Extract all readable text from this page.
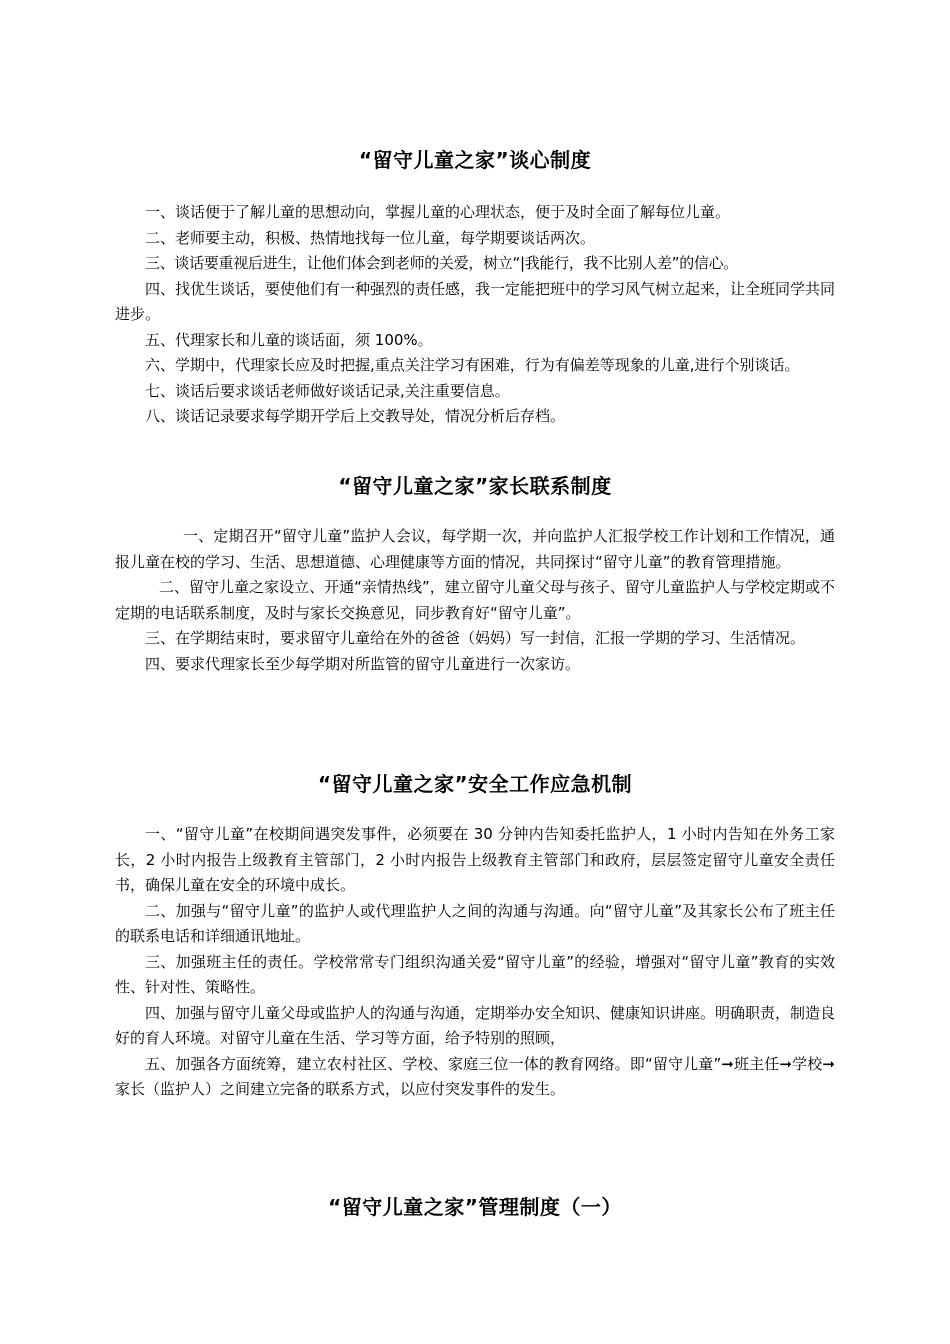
“留守儿童之家”谈心制度

一、谈话便于了解儿童的思想动向，掌握儿童的心理状态，便于及时全面了解每位儿童。

二、老师要主动，积极、热情地找每一位儿童，每学期要谈话两次。

三、谈话要重视后进生，让他们体会到老师的关爱，树立“|我能行，我不比别人差”的信心。

四、找优生谈话，要使他们有一种强烈的责任感，我一定能把班中的学习风气树立起来，让全班同学共同进步。

五、代理家长和儿童的谈话面，须 100%。

六、学期中，代理家长应及时把握,重点关注学习有困难，行为有偏差等现象的儿童,进行个别谈话。

七、谈话后要求谈话老师做好谈话记录,关注重要信息。

八、谈话记录要求每学期开学后上交教导处，情况分析后存档。

“留守儿童之家”家长联系制度

一、定期召开“留守儿童”监护人会议，每学期一次，并向监护人汇报学校工作计划和工作情况，通报儿童在校的学习、生活、思想道德、心理健康等方面的情况，共同探讨“留守儿童”的教育管理措施。

二、留守儿童之家设立、开通“亲情热线”，建立留守儿童父母与孩子、留守儿童监护人与学校定期或不定期的电话联系制度，及时与家长交换意见，同步教育好“留守儿童”。

三、在学期结束时，要求留守儿童给在外的爸爸（妈妈）写一封信，汇报一学期的学习、生活情况。

四、要求代理家长至少每学期对所监管的留守儿童进行一次家访。

“留守儿童之家”安全工作应急机制

一、“留守儿童”在校期间遇突发事件，必须要在 30 分钟内告知委托监护人，1 小时内告知在外务工家长，2 小时内报告上级教育主管部门，2 小时内报告上级教育主管部门和政府，层层签定留守儿童安全责任书，确保儿童在安全的环境中成长。

二、加强与“留守儿童”的监护人或代理监护人之间的沟通与沟通。向“留守儿童”及其家长公布了班主任的联系电话和详细通讯地址。

三、加强班主任的责任。学校常常专门组织沟通关爱“留守儿童”的经验，增强对“留守儿童”教育的实效性、针对性、策略性。

四、加强与留守儿童父母或监护人的沟通与沟通，定期举办安全知识、健康知识讲座。明确职责，制造良好的育人环境。对留守儿童在生活、学习等方面，给予特别的照顾，

五、加强各方面统筹，建立农村社区、学校、家庭三位一体的教育网络。即“留守儿童”➞班主任➞学校➞家长（监护人）之间建立完备的联系方式，以应付突发事件的发生。

“留守儿童之家”管理制度（一）
